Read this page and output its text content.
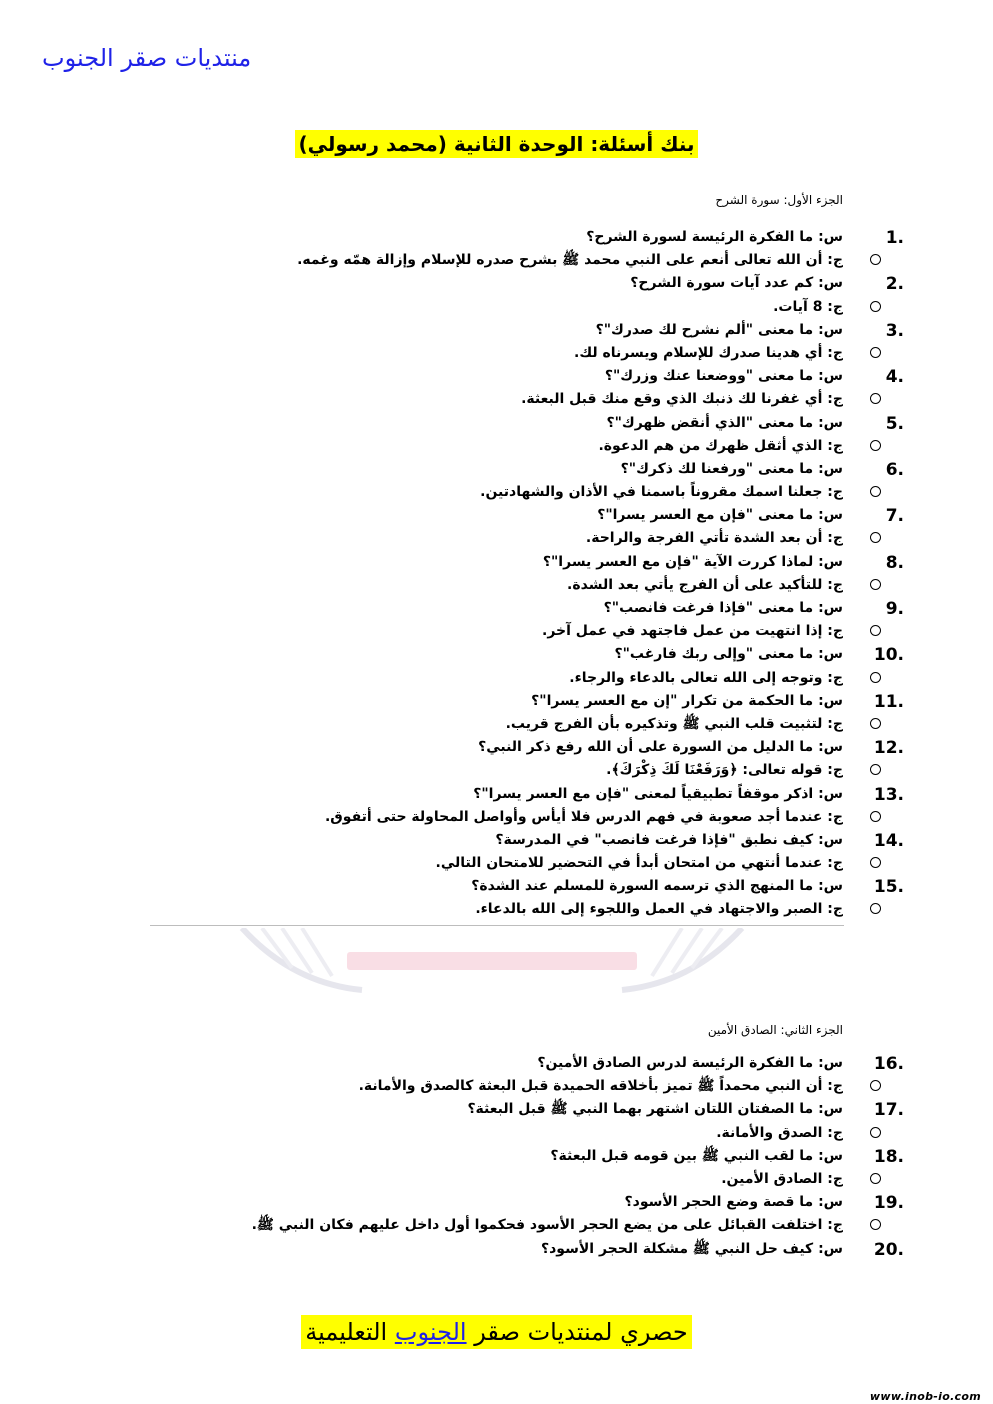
منتديات صقر الجنوب
بنك أسئلة: الوحدة الثانية (محمد رسولي)
الجزء الأول: سورة الشرح
1.
س: ما الفكرة الرئيسة لسورة الشرح؟
ج: أن الله تعالى أنعم على النبي محمد ﷺ بشرح صدره للإسلام وإزالة همّه وغمه.
2.
س: كم عدد آيات سورة الشرح؟
ج: 8 آيات.
3.
س: ما معنى "ألم نشرح لك صدرك"؟
ج: أي هدينا صدرك للإسلام ويسرناه لك.
4.
س: ما معنى "ووضعنا عنك وزرك"؟
ج: أي غفرنا لك ذنبك الذي وقع منك قبل البعثة.
5.
س: ما معنى "الذي أنقض ظهرك"؟
ج: الذي أثقل ظهرك من هم الدعوة.
6.
س: ما معنى "ورفعنا لك ذكرك"؟
ج: جعلنا اسمك مقروناً باسمنا في الأذان والشهادتين.
7.
س: ما معنى "فإن مع العسر يسرا"؟
ج: أن بعد الشدة تأتي الفرجة والراحة.
8.
س: لماذا كررت الآية "فإن مع العسر يسرا"؟
ج: للتأكيد على أن الفرج يأتي بعد الشدة.
9.
س: ما معنى "فإذا فرغت فانصب"؟
ج: إذا انتهيت من عمل فاجتهد في عمل آخر.
10.
س: ما معنى "وإلى ربك فارغب"؟
ج: وتوجه إلى الله تعالى بالدعاء والرجاء.
11.
س: ما الحكمة من تكرار "إن مع العسر يسرا"؟
ج: لتثبيت قلب النبي ﷺ وتذكيره بأن الفرج قريب.
12.
س: ما الدليل من السورة على أن الله رفع ذكر النبي؟
ج: قوله تعالى: ﴿وَرَفَعْنَا لَكَ ذِكْرَكَ﴾.
13.
س: اذكر موقفاً تطبيقياً لمعنى "فإن مع العسر يسرا"؟
ج: عندما أجد صعوبة في فهم الدرس فلا أيأس وأواصل المحاولة حتى أتفوق.
14.
س: كيف نطبق "فإذا فرغت فانصب" في المدرسة؟
ج: عندما أنتهي من امتحان أبدأ في التحضير للامتحان التالي.
15.
س: ما المنهج الذي ترسمه السورة للمسلم عند الشدة؟
ج: الصبر والاجتهاد في العمل واللجوء إلى الله بالدعاء.
الجزء الثاني: الصادق الأمين
16.
س: ما الفكرة الرئيسة لدرس الصادق الأمين؟
ج: أن النبي محمداً ﷺ تميز بأخلاقه الحميدة قبل البعثة كالصدق والأمانة.
17.
س: ما الصفتان اللتان اشتهر بهما النبي ﷺ قبل البعثة؟
ج: الصدق والأمانة.
18.
س: ما لقب النبي ﷺ بين قومه قبل البعثة؟
ج: الصادق الأمين.
19.
س: ما قصة وضع الحجر الأسود؟
ج: اختلفت القبائل على من يضع الحجر الأسود فحكموا أول داخل عليهم فكان النبي ﷺ.
20.
س: كيف حل النبي ﷺ مشكلة الحجر الأسود؟
حصري لمنتديات صقر الجنوب التعليمية
www.inob-io.com
